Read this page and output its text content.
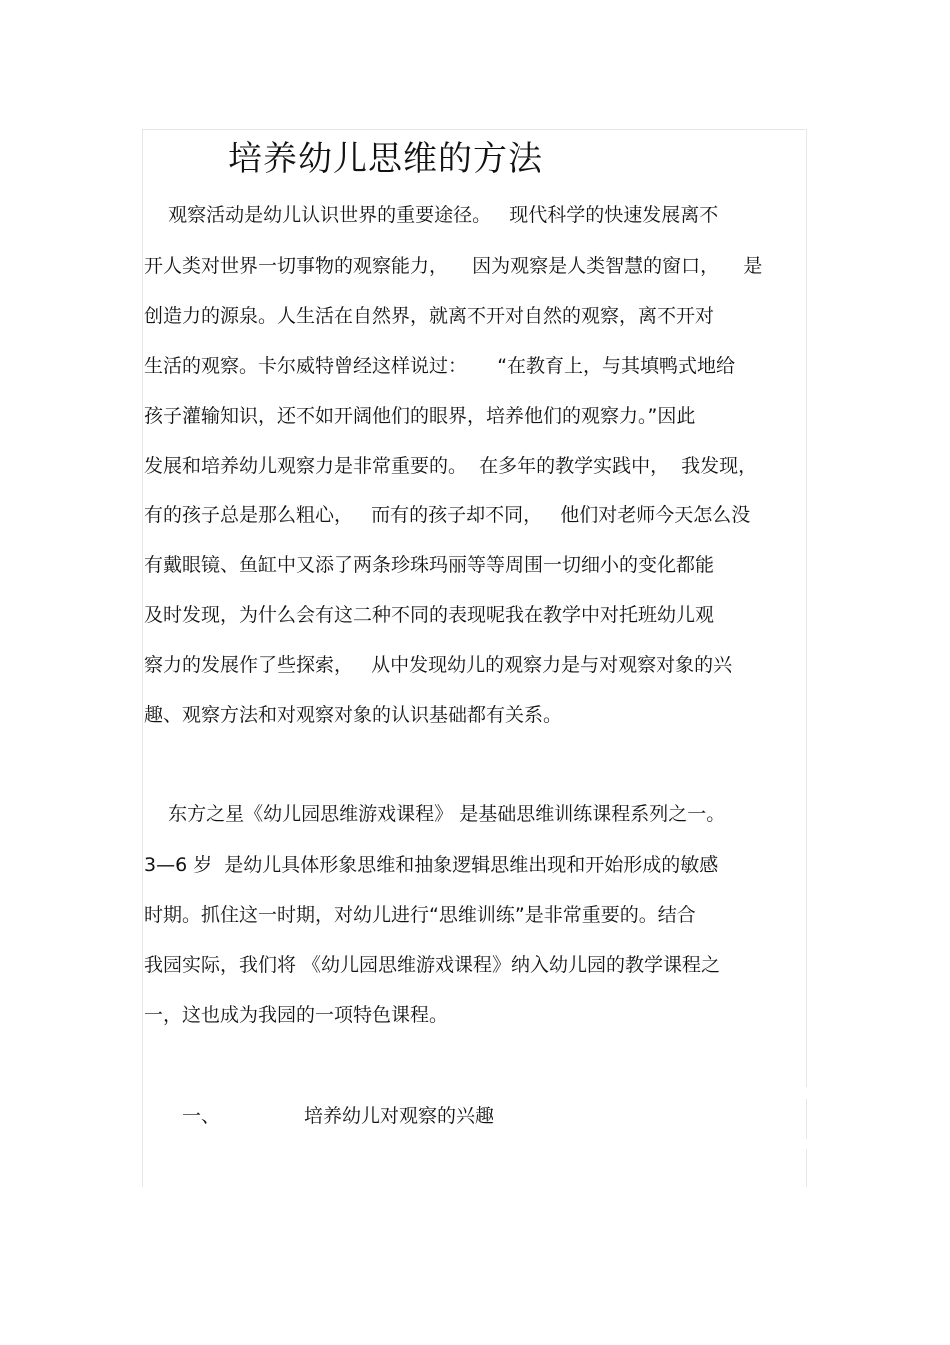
培养幼儿思维的方法
观察活动是幼儿认识世界的重要途径。   现代科学的快速发展离不
开人类对世界一切事物的观察能力，    因为观察是人类智慧的窗口，    是
创造力的源泉。人生活在自然界，就离不开对自然的观察，离不开对
生活的观察。卡尔威特曾经这样说过：     “在教育上，与其填鸭式地给
孩子灌输知识，还不如开阔他们的眼界，培养他们的观察力。”因此
发展和培养幼儿观察力是非常重要的。  在多年的教学实践中，  我发现，
有的孩子总是那么粗心，   而有的孩子却不同，   他们对老师今天怎么没
有戴眼镜、鱼缸中又添了两条珍珠玛丽等等周围一切细小的变化都能
及时发现，为什么会有这二种不同的表现呢我在教学中对托班幼儿观
察力的发展作了些探索，   从中发现幼儿的观察力是与对观察对象的兴
趣、观察方法和对观察对象的认识基础都有关系。
东方之星《幼儿园思维游戏课程》 是基础思维训练课程系列之一。
3—6 岁  是幼儿具体形象思维和抽象逻辑思维出现和开始形成的敏感
时期。抓住这一时期，对幼儿进行“思维训练”是非常重要的。结合
我园实际，我们将 《幼儿园思维游戏课程》纳入幼儿园的教学课程之
一，这也成为我园的一项特色课程。
一、	培养幼儿对观察的兴趣
